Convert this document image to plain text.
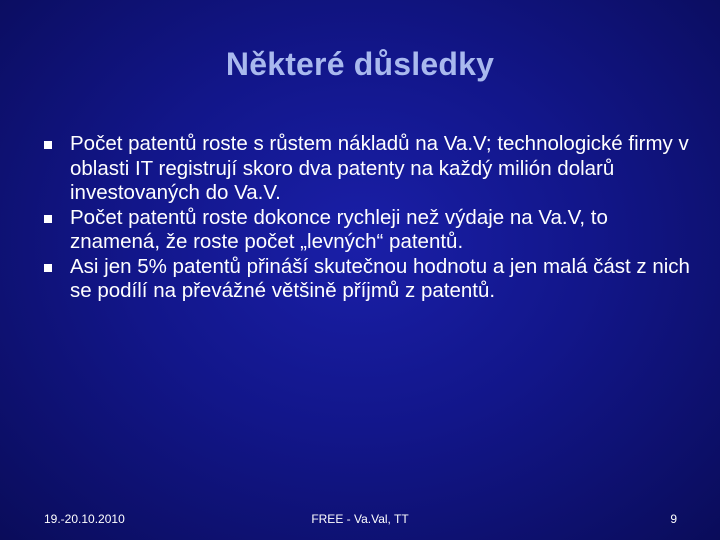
Některé důsledky
Počet patentů roste s růstem nákladů na Va.V; technologické firmy v oblasti IT registrují skoro dva patenty na každý milión dolarů investovaných do Va.V.
Počet patentů roste dokonce rychleji než výdaje na Va.V, to znamená, že roste počet „levných“ patentů.
Asi jen 5% patentů přináší skutečnou hodnotu a jen malá část z nich se podílí na převážné většině příjmů z patentů.
19.-20.10.2010	FREE - Va.Val, TT	9
